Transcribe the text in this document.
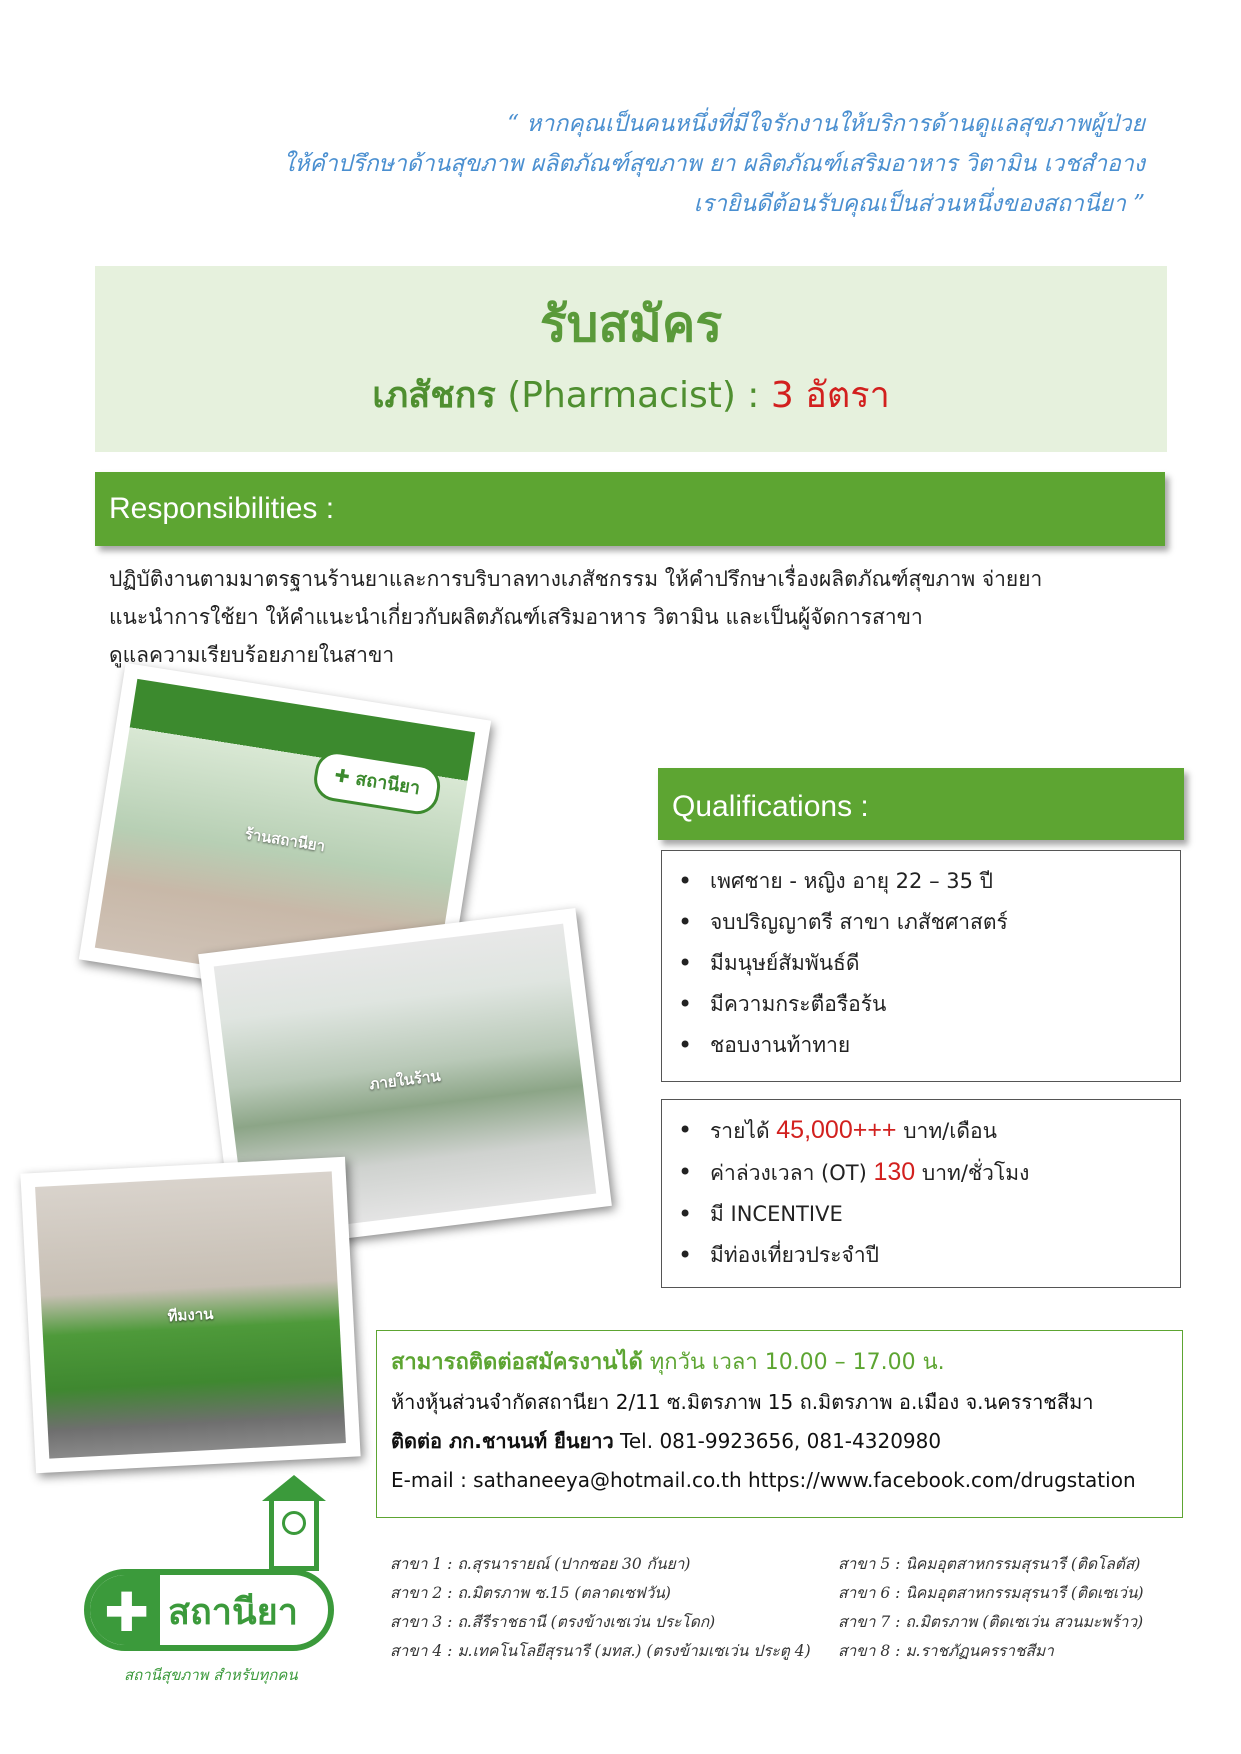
“ หากคุณเป็นคนหนึ่งที่มีใจรักงานให้บริการด้านดูแลสุขภาพผู้ป่วย
ให้คำปรึกษาด้านสุขภาพ ผลิตภัณฑ์สุขภาพ ยา ผลิตภัณฑ์เสริมอาหาร วิตามิน เวชสำอาง
เรายินดีต้อนรับคุณเป็นส่วนหนึ่งของสถานียา ”
รับสมัคร
เภสัชกร (Pharmacist) : 3 อัตรา
Responsibilities :
ปฏิบัติงานตามมาตรฐานร้านยาและการบริบาลทางเภสัชกรรม ให้คำปรึกษาเรื่องผลิตภัณฑ์สุขภาพ จ่ายยา
แนะนำการใช้ยา ให้คำแนะนำเกี่ยวกับผลิตภัณฑ์เสริมอาหาร วิตามิน และเป็นผู้จัดการสาขา
ดูแลความเรียบร้อยภายในสาขา
✚ สถานียา
ร้านสถานียา
ภายในร้าน
ทีมงาน
Qualifications :
• เพศชาย - หญิง อายุ 22 – 35 ปี
• จบปริญญาตรี สาขา เภสัชศาสตร์
• มีมนุษย์สัมพันธ์ดี
• มีความกระตือรือร้น
• ชอบงานท้าทาย
• รายได้ 45,000+++ บาท/เดือน
• ค่าล่วงเวลา (OT) 130 บาท/ชั่วโมง
• มี INCENTIVE
• มีท่องเที่ยวประจำปี
สามารถติดต่อสมัครงานได้ ทุกวัน เวลา 10.00 – 17.00 น.
ห้างหุ้นส่วนจำกัดสถานียา 2/11 ซ.มิตรภาพ 15 ถ.มิตรภาพ อ.เมือง จ.นครราชสีมา
ติดต่อ ภก.ชานนท์ ยืนยาว Tel. 081-9923656, 081-4320980
E-mail : sathaneeya@hotmail.co.th https://www.facebook.com/drugstation
✚ สถานียา
สถานีสุขภาพ สำหรับทุกคน
สาขา 1 : ถ.สุรนารายณ์ (ปากซอย 30 กันยา)
สาขา 2 : ถ.มิตรภาพ ซ.15 (ตลาดเซฟวัน)
สาขา 3 : ถ.สีรีราชธานี (ตรงข้างเซเว่น ประโดก)
สาขา 4 : ม.เทคโนโลยีสุรนารี (มทส.) (ตรงข้ามเซเว่น ประตู 4)
สาขา 5 : นิคมอุตสาหกรรมสุรนารี (ติดโลตัส)
สาขา 6 : นิคมอุตสาหกรรมสุรนารี (ติดเซเว่น)
สาขา 7 : ถ.มิตรภาพ (ติดเซเว่น สวนมะพร้าว)
สาขา 8 : ม.ราชภัฏนครราชสีมา
